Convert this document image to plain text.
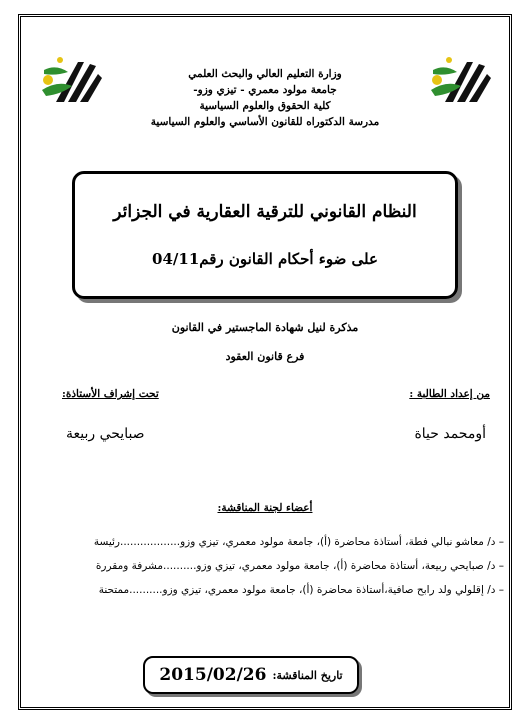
وزارة التعليم العالي والبحث العلمي
جامعة مولود معمري - تيزي وزو-
كلية الحقوق والعلوم السياسية
مدرسة الدكتوراه للقانون الأساسي والعلوم السياسية
النظام القانوني للترقية العقارية في الجزائر
على ضوء أحكام القانون رقم04/11
مذكرة لنيل شهادة الماجستير في القانون
فرع قانون العقود
من إعداد الطالبة :
تحت إشراف الأستاذة:
أومحمد حياة
صبايحي ربيعة
أعضاء لجنة المناقشة:
– د/ معاشو نبالي فطة، أستاذة محاضرة (أ)، جامعة مولود معمري، تيزي وزو..................رئيسة
– د/ صبايحي ربيعة، أستاذة محاضرة (أ)، جامعة مولود معمري، تيزي وزو..........مشرفة ومقررة
– د/ إقلولي ولد رابح صافية،أستاذة محاضرة (أ)، جامعة مولود معمري، تيزي وزو..........ممتحنة
تاريخ المناقشة:
2015/02/26
